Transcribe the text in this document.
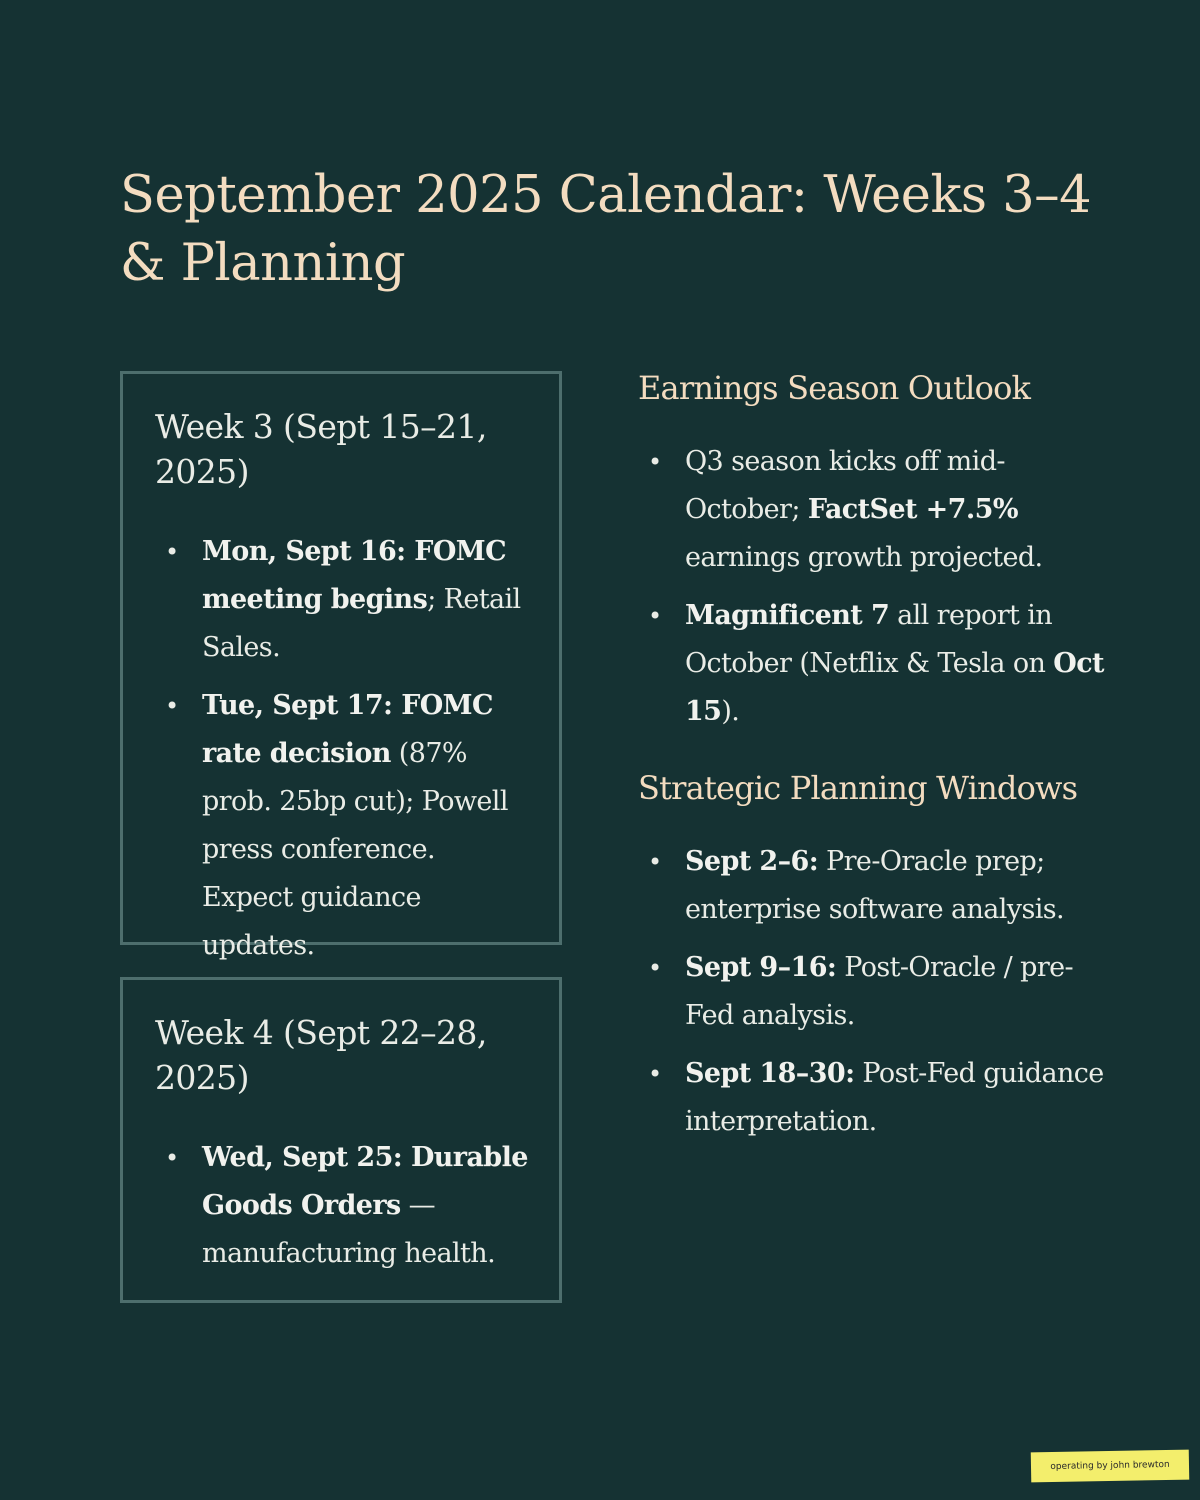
September 2025 Calendar: Weeks 3–4 & Planning
Week 3 (Sept 15–21, 2025)
• Mon, Sept 16: FOMC meeting begins; Retail Sales.
• Tue, Sept 17: FOMC rate decision (87% prob. 25bp cut); Powell press conference. Expect guidance updates.
Week 4 (Sept 22–28, 2025)
• Wed, Sept 25: Durable Goods Orders — manufacturing health.
Earnings Season Outlook
• Q3 season kicks off mid-October; FactSet +7.5% earnings growth projected.
• Magnificent 7 all report in October (Netflix & Tesla on Oct 15).
Strategic Planning Windows
• Sept 2–6: Pre-Oracle prep; enterprise software analysis.
• Sept 9–16: Post-Oracle / pre-Fed analysis.
• Sept 18–30: Post-Fed guidance interpretation.
operating by john brewton
